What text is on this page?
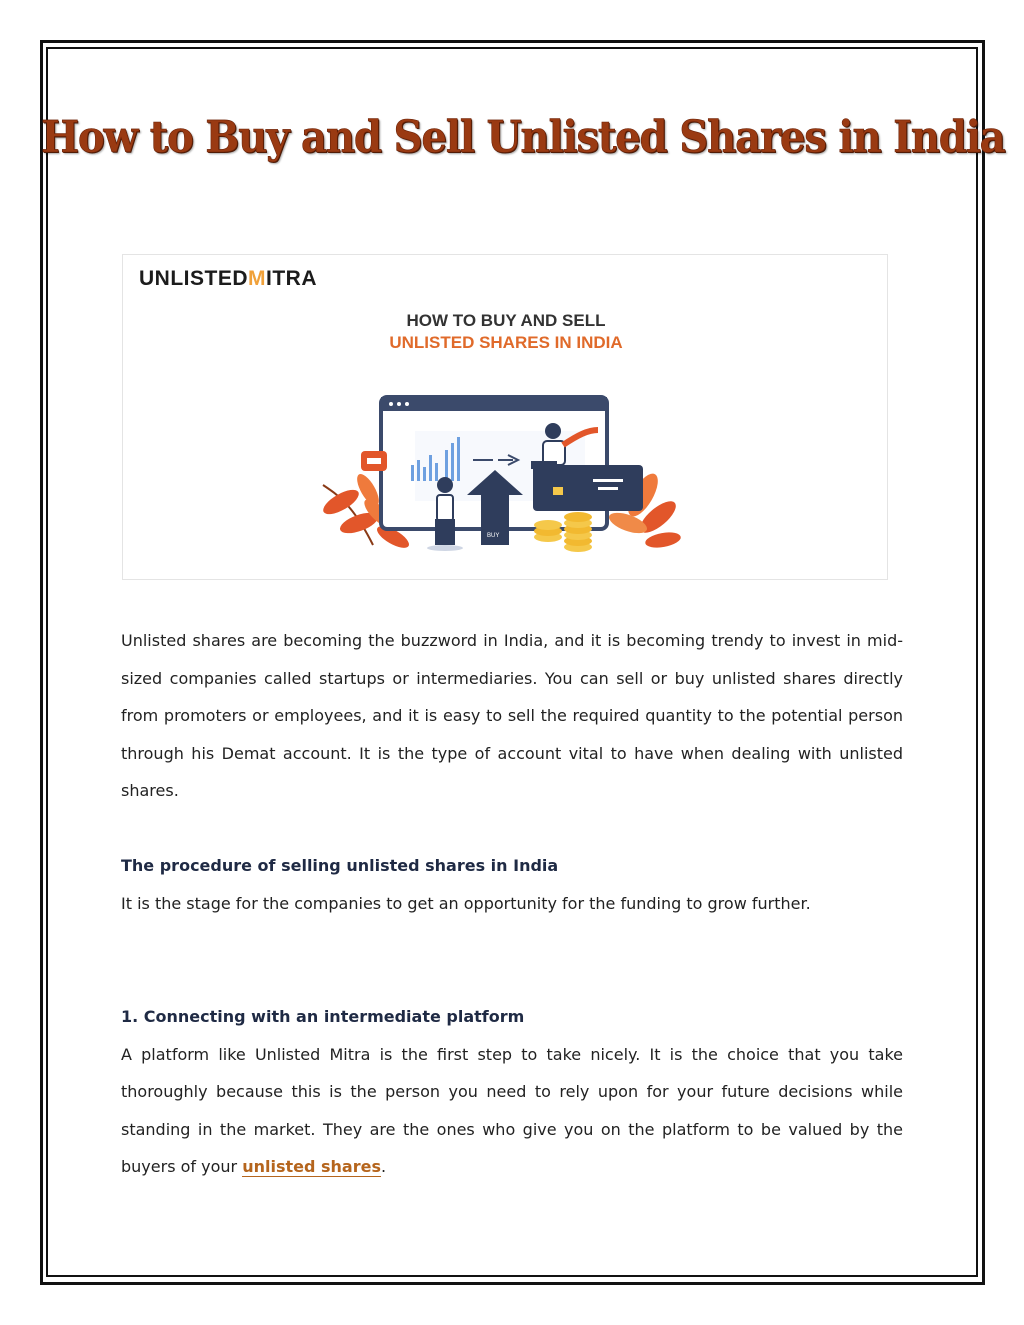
How to Buy and Sell Unlisted Shares in India
UNLISTEDMITRA
HOW TO BUY AND SELL
UNLISTED SHARES IN INDIA
BUY

Unlisted shares are becoming the buzzword in India, and it is becoming trendy to invest in mid-sized companies called startups or intermediaries. You can sell or buy unlisted shares directly from promoters or employees, and it is easy to sell the required quantity to the potential person through his Demat account. It is the type of account vital to have when dealing with unlisted shares.

The procedure of selling unlisted shares in India

It is the stage for the companies to get an opportunity for the funding to grow further.

1. Connecting with an intermediate platform

A platform like Unlisted Mitra is the first step to take nicely. It is the choice that you take thoroughly because this is the person you need to rely upon for your future decisions while standing in the market. They are the ones who give you on the platform to be valued by the buyers of your unlisted shares.
